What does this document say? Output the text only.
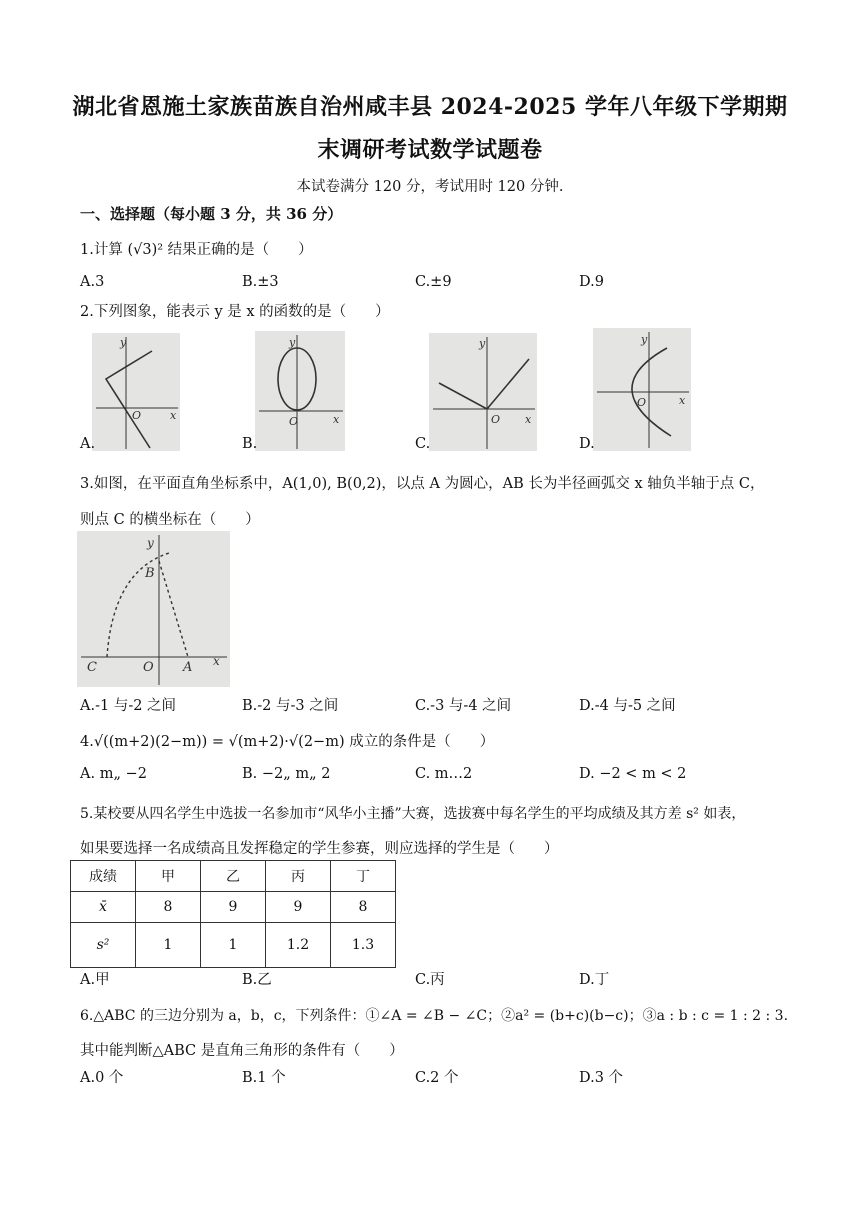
湖北省恩施土家族苗族自治州咸丰县 2024-2025 学年八年级下学期期
末调研考试数学试题卷
本试卷满分 120 分，考试用时 120 分钟.
一、选择题（每小题 3 分，共 36 分）
1.计算 (√3)² 结果正确的是（　　）
A.3	B.±3	C.±9	D.9
2.下列图象，能表示 y 是 x 的函数的是（　　）
y
O	x
y
O	x
y
O x
y
O	x
A.	B.	C.	D.
3.如图，在平面直角坐标系中，A(1,0), B(0,2)，以点 A 为圆心，AB 长为半径画弧交 x 轴负半轴于点 C，
则点 C 的横坐标在（　　）
y
B
O A
C	x
A.-1 与-2 之间	B.-2 与-3 之间	C.-3 与-4 之间	D.-4 与-5 之间
4.√((m+2)(2−m)) = √(m+2)·√(2−m) 成立的条件是（　　）
A. m„ −2	B. −2„ m„ 2	C. m…2	D. −2 < m < 2
5.某校要从四名学生中选拔一名参加市“风华小主播”大赛，选拔赛中每名学生的平均成绩及其方差 s² 如表，
如果要选择一名成绩高且发挥稳定的学生参赛，则应选择的学生是（　　）
成绩	甲	乙	丙	丁
x̄	8	9	9	8
s²	1	1	1.2	1.3
A.甲	B.乙	C.丙	D.丁
6.△ABC 的三边分别为 a，b，c，下列条件：①∠A = ∠B − ∠C；②a² = (b+c)(b−c)；③a : b : c = 1 : 2 : 3.
其中能判断△ABC 是直角三角形的条件有（　　）
A.0 个	B.1 个	C.2 个	D.3 个
